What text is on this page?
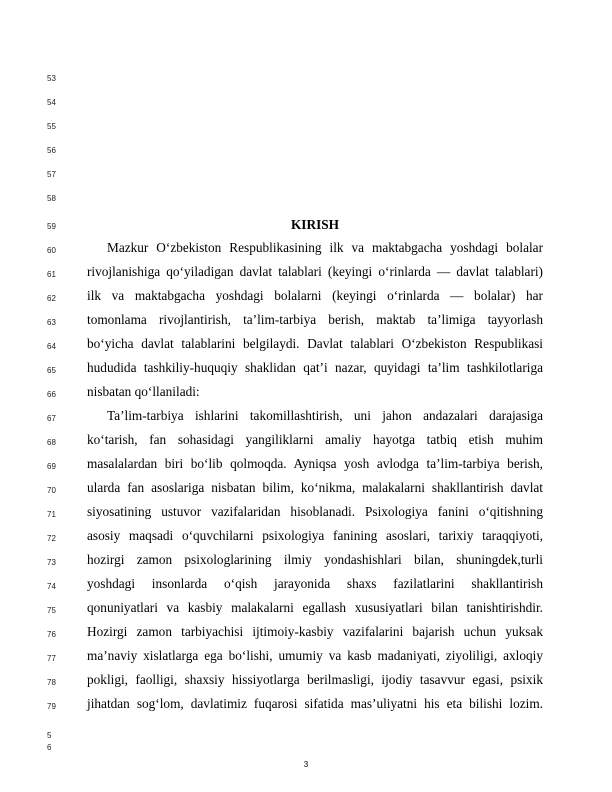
53
54
55
56
57
58
59
60
61
62
63
64
65
66
67
68
69
70
71
72
73
74
75
76
77
78
79
5
6
KIRISH
Mazkur O‘zbekiston Respublikasining ilk va maktabgacha yoshdagi bolalar
rivojlanishiga qo‘yiladigan davlat talablari (keyingi o‘rinlarda — davlat talablari)
ilk va maktabgacha yoshdagi bolalarni (keyingi o‘rinlarda — bolalar) har
tomonlama rivojlantirish, ta’lim-tarbiya berish, maktab ta’limiga tayyorlash
bo‘yicha davlat talablarini belgilaydi. Davlat talablari O‘zbekiston Respublikasi
hududida tashkiliy-huquqiy shaklidan qat’i nazar, quyidagi ta’lim tashkilotlariga
nisbatan qo‘llaniladi:
Ta’lim-tarbiya ishlarini takomillashtirish, uni jahon andazalari darajasiga
ko‘tarish, fan sohasidagi yangiliklarni amaliy hayotga tatbiq etish muhim
masalalardan biri bo‘lib qolmoqda. Ayniqsa yosh avlodga ta’lim-tarbiya berish,
ularda fan asoslariga nisbatan bilim, ko‘nikma, malakalarni shakllantirish davlat
siyosatining ustuvor vazifalaridan hisoblanadi. Psixologiya fanini o‘qitishning
asosiy maqsadi o‘quvchilarni psixologiya fanining asoslari, tarixiy taraqqiyoti,
hozirgi zamon psixologlarining ilmiy yondashishlari bilan, shuningdek,turli
yoshdagi insonlarda o‘qish jarayonida shaxs fazilatlarini shakllantirish
qonuniyatlari va kasbiy malakalarni egallash xususiyatlari bilan tanishtirishdir.
Hozirgi zamon tarbiyachisi ijtimoiy-kasbiy vazifalarini bajarish uchun yuksak
ma’naviy xislatlarga ega bo‘lishi, umumiy va kasb madaniyati, ziyoliligi, axloqiy
pokligi, faolligi, shaxsiy hissiyotlarga berilmasligi, ijodiy tasavvur egasi, psixik
jihatdan sog‘lom, davlatimiz fuqarosi sifatida mas’uliyatni his eta bilishi lozim.
3
